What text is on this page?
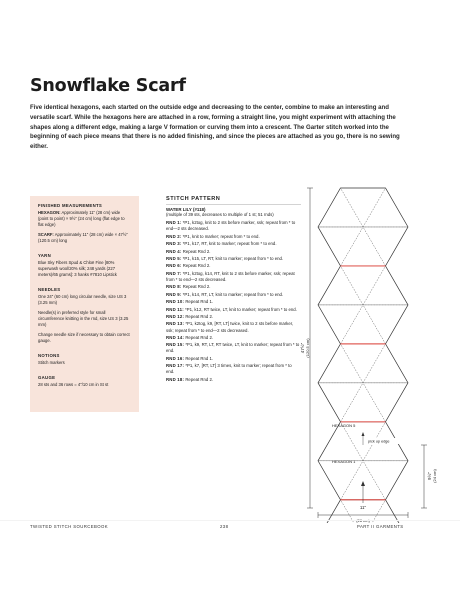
Snowflake Scarf

Five identical hexagons, each started on the outside edge and decreasing to the center, combine to make an interesting and versatile scarf. While the hexagons here are attached in a row, forming a straight line, you might experiment with attaching the shapes along a different edge, making a large V formation or curving them into a crescent. The Garter stitch worked into the beginning of each piece means that there is no added finishing, and since the pieces are attached as you go, there is no sewing either.

FINISHED MEASUREMENTS
HEXAGON: Approximately 11" (28 cm) wide (point to point) × 9½" (24 cm) long (flat edge to flat edge)
SCARF: Approximately 11" (28 cm) wide × 47½" (120.5 cm) long
YARN
Blue Sky Fibers Spud & Chloë Fine [80% superwash wool/20% silk; 248 yards (227 meters)/65 grams]: 3 hanks #7810 Lipstick
NEEDLES
One 24" (60 cm) long circular needle, size US 3 (3.25 mm)
Needle(s) in preferred style for small circumference knitting in the rnd, size US 3 (3.25 mm)
Change needle size if necessary to obtain correct gauge.
NOTIONS
Stitch markers
GAUGE
28 sts and 36 rows = 4"/10 cm in St st
STITCH PATTERN
WATER LILY (#118)
(multiple of 39 sts, decreases to multiple of 1 st; 51 rnds)
RND 1: *P1, k2tog, knit to 2 sts before marker, ssk; repeat from * to end—2 sts decreased.
RND 2: *P1, knit to marker; repeat from * to end.
RND 3: *P1, k17, RT, knit to marker; repeat from * to end.
RND 4: Repeat Rnd 2.
RND 5: *P1, k15, LT, RT, knit to marker; repeat from * to end.
RND 6: Repeat Rnd 2.
RND 7: *P1, k2tog, k14, RT, knit to 2 sts before marker, ssk; repeat from * to end—2 sts decreased.
RND 8: Repeat Rnd 2.
RND 9: *P1, k14, RT, LT, knit to marker; repeat from * to end.
RND 10: Repeat Rnd 1.
RND 11: *P1, k12, RT twice, LT, knit to marker; repeat from * to end.
RND 12: Repeat Rnd 2.
RND 13: *P1, k2tog, k9, [RT, LT] twice, knit to 2 sts before marker, ssk; repeat from * to end—2 sts decreased.
RND 14: Repeat Rnd 2.
RND 15: *P1, k9, RT, LT, RT twice, LT, knit to marker; repeat from * to end.
RND 16: Repeat Rnd 1.
RND 17: *P1, k7, [RT, LT] 3 times, knit to marker; repeat from * to end.
RND 18: Repeat Rnd 2.
47½" (120.5 cm)
9½" (24 cm)
11"
HEXAGON 5
HEXAGON 1
pick up edge
TWISTED STITCH SOURCEBOOK	238	PART II GARMENTS
